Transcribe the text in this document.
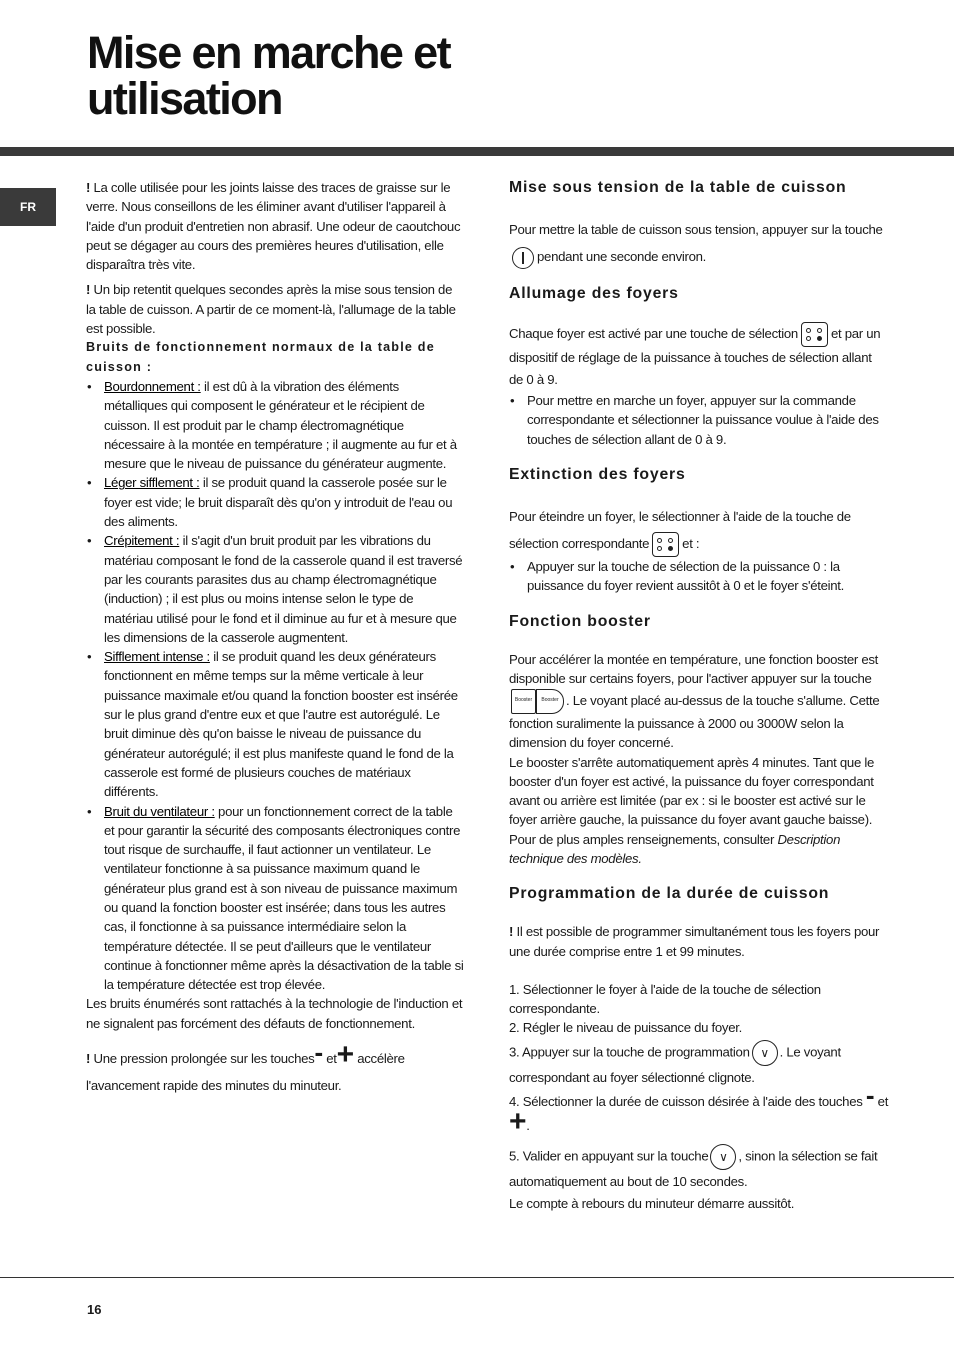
Mise en marche et
utilisation
FR

! La colle utilisée pour les joints laisse des traces de graisse sur le verre. Nous conseillons de les éliminer avant d'utiliser l'appareil à l'aide d'un produit d'entretien non abrasif. Une odeur de caoutchouc peut se dégager au cours des premières heures d'utilisation, elle disparaîtra très vite.

! Un bip retentit quelques secondes après la mise sous tension de la table de cuisson. A partir de ce moment-là, l'allumage de la table est possible.

Bruits de fonctionnement normaux de la table de cuisson :

• Bourdonnement : il est dû à la vibration des éléments métalliques qui composent le générateur et le récipient de cuisson. Il est produit par le champ électromagnétique nécessaire à la montée en température ; il augmente au fur et à mesure que le niveau de puissance du générateur augmente.
• Léger sifflement : il se produit quand la casserole posée sur le foyer est vide; le bruit disparaît dès qu'on y introduit de l'eau ou des aliments.
• Crépitement : il s'agit d'un bruit produit par les vibrations du matériau composant le fond de la casserole quand il est traversé par les courants parasites dus au champ électromagnétique (induction) ; il est plus ou moins intense selon le type de matériau utilisé pour le fond et il diminue au fur et à mesure que les dimensions de la casserole augmentent.
• Sifflement intense : il se produit quand les deux générateurs fonctionnent en même temps sur la même verticale à leur puissance maximale et/ou quand la fonction booster est insérée sur le plus grand d'entre eux et que l'autre est autorégulé. Le bruit diminue dès qu'on baisse le niveau de puissance du générateur autorégulé; il est plus manifeste quand le fond de la casserole est formé de plusieurs couches de matériaux différents.
• Bruit du ventilateur : pour un fonctionnement correct de la table et pour garantir la sécurité des composants électroniques contre tout risque de surchauffe, il faut actionner un ventilateur. Le ventilateur fonctionne à sa puissance maximum quand le générateur plus grand est à son niveau de puissance maximum ou quand la fonction booster est insérée; dans tous les autres cas, il fonctionne à sa puissance intermédiaire selon la température détectée. Il se peut d'ailleurs que le ventilateur continue à fonctionner même après la désactivation de la table si la température détectée est trop élevée.

Les bruits énumérés sont rattachés à la technologie de l'induction et ne signalent pas forcément des défauts de fonctionnement.

! Une pression prolongée sur les touches- et+ accélère l'avancement rapide des minutes du minuteur.

Mise sous tension de la table de cuisson

Pour mettre la table de cuisson sous tension, appuyer sur la touchependant une seconde environ.

Allumage des foyers

Chaque foyer est activé par une touche de sélection	et par un dispositif de réglage de la puissance à touches de sélection allant de 0 à 9.

• Pour mettre en marche un foyer, appuyer sur la commande correspondante et sélectionner la puissance voulue à l'aide des touches de sélection allant de 0 à 9.

Extinction des foyers

Pour éteindre un foyer, le sélectionner à l'aide de la touche de sélection correspondante	et :

• Appuyer sur la touche de sélection de la puissance 0 : la puissance du foyer revient aussitôt à 0 et le foyer s'éteint.

Fonction booster

Pour accélérer la montée en température, une fonction booster est disponible sur certains foyers, pour l'activer appuyer sur la touche Booster Booster . Le voyant placé au-dessus de la touche s'allume. Cette fonction suralimente la puissance à 2000 ou 3000W selon la dimension du foyer concerné.

Le booster s'arrête automatiquement après 4 minutes. Tant que le booster d'un foyer est activé, la puissance du foyer correspondant avant ou arrière est limitée (par ex : si le booster est activé sur le foyer arrière gauche, la puissance du foyer avant gauche baisse). Pour de plus amples renseignements, consulter Description technique des modèles.

Programmation de la durée de cuisson

! Il est possible de programmer simultanément tous les foyers pour une durée comprise entre 1 et 99 minutes.

1. Sélectionner le foyer à l'aide de la touche de sélection correspondante.

2. Régler le niveau de puissance du foyer.

3. Appuyer sur la touche de programmation ∨ . Le voyant correspondant au foyer sélectionné clignote.

4. Sélectionner la durée de cuisson désirée à l'aide des touches - et +.

5. Valider en appuyant sur la touche ∨ , sinon la sélection se fait automatiquement au bout de 10 secondes.

Le compte à rebours du minuteur démarre aussitôt.

16
